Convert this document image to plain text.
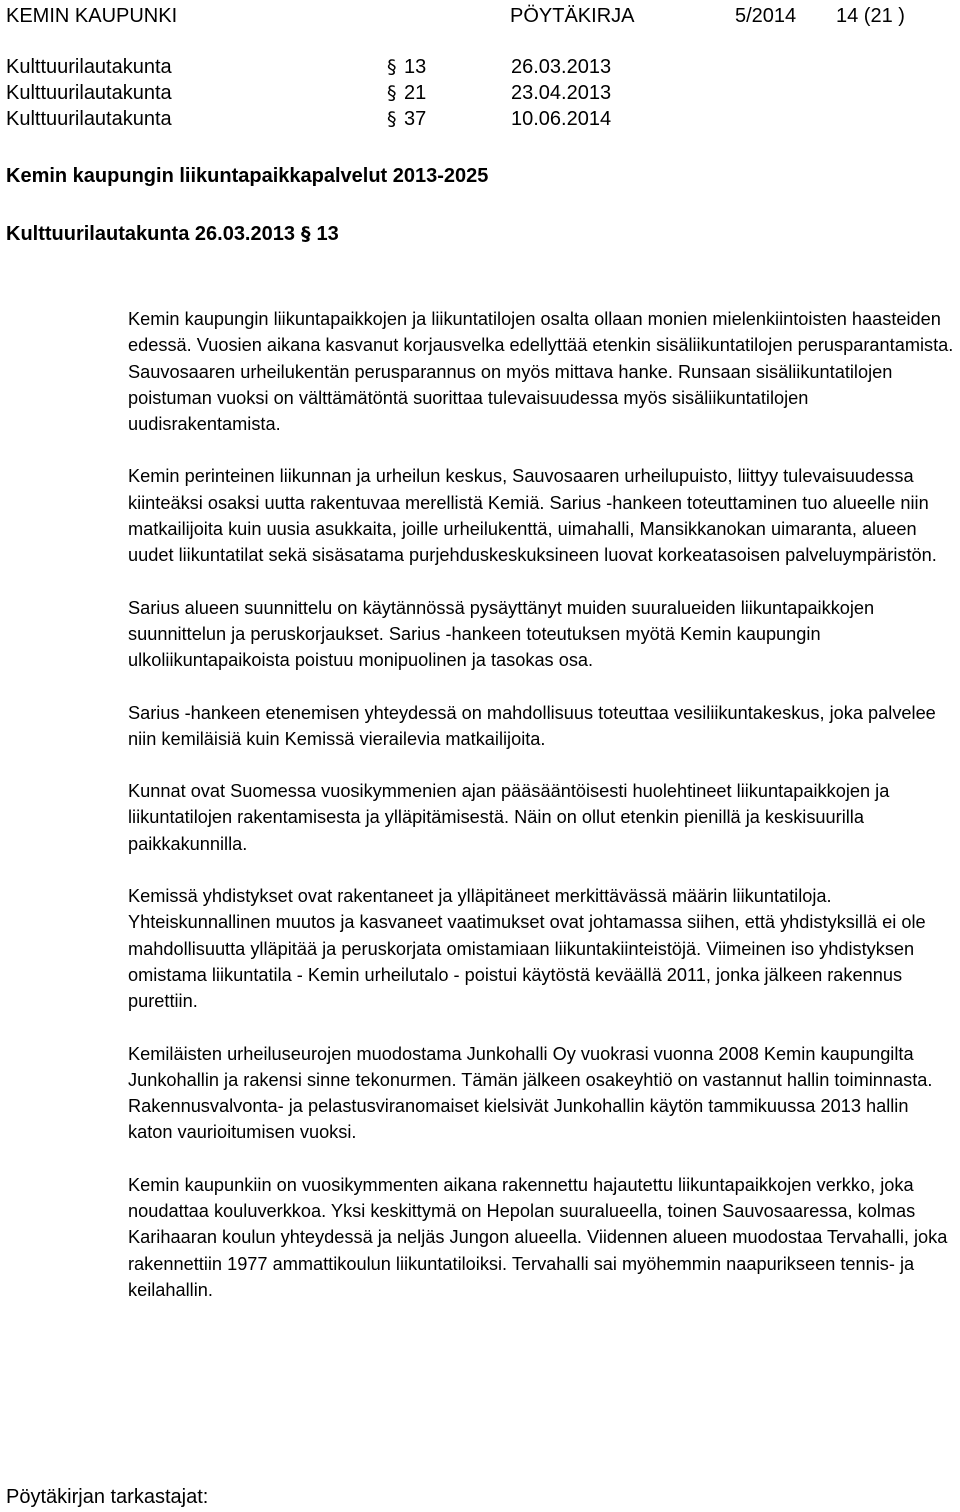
KEMIN KAUPUNKI	PÖYTÄKIRJA	5/2014 14 (21 )
Kulttuurilautakunta	§ 13	26.03.2013
Kulttuurilautakunta	§ 21	23.04.2013
Kulttuurilautakunta	§ 37	10.06.2014
Kemin kaupungin liikuntapaikkapalvelut 2013-2025
Kulttuurilautakunta 26.03.2013 § 13

Kemin kaupungin liikuntapaikkojen ja liikuntatilojen osalta ollaan monien mielenkiintoisten haasteiden edessä. Vuosien aikana kasvanut korjausvelka edellyttää etenkin sisäliikuntatilojen perusparantamista. Sauvosaaren urheilukentän perusparannus on myös mittava hanke. Runsaan sisäliikuntatilojen poistuman vuoksi on välttämätöntä suorittaa tulevaisuudessa myös sisäliikuntatilojen uudisrakentamista.

Kemin perinteinen liikunnan ja urheilun keskus, Sauvosaaren urheilupuisto, liittyy tulevaisuudessa kiinteäksi osaksi uutta rakentuvaa merellistä Kemiä. Sarius -hankeen toteuttaminen tuo alueelle niin matkailijoita kuin uusia asukkaita, joille urheilukenttä, uimahalli, Mansikkanokan uimaranta, alueen uudet liikuntatilat sekä sisäsatama purjehduskeskuksineen luovat korkeatasoisen palveluympäristön.

Sarius alueen suunnittelu on käytännössä pysäyttänyt muiden suuralueiden liikuntapaikkojen suunnittelun ja peruskorjaukset. Sarius -hankeen toteutuksen myötä Kemin kaupungin ulkoliikuntapaikoista poistuu monipuolinen ja tasokas osa.

Sarius -hankeen etenemisen yhteydessä on mahdollisuus toteuttaa vesiliikuntakeskus, joka palvelee niin kemiläisiä kuin Kemissä vierailevia matkailijoita.

Kunnat ovat Suomessa vuosikymmenien ajan pääsääntöisesti huolehtineet liikuntapaikkojen ja liikuntatilojen rakentamisesta ja ylläpitämisestä. Näin on ollut etenkin pienillä ja keskisuurilla paikkakunnilla.

Kemissä yhdistykset ovat rakentaneet ja ylläpitäneet merkittävässä määrin liikuntatiloja. Yhteiskunnallinen muutos ja kasvaneet vaatimukset ovat johtamassa siihen, että yhdistyksillä ei ole mahdollisuutta ylläpitää ja peruskorjata omistamiaan liikuntakiinteistöjä. Viimeinen iso yhdistyksen omistama liikuntatila - Kemin urheilutalo - poistui käytöstä keväällä 2011, jonka jälkeen rakennus purettiin.

Kemiläisten urheiluseurojen muodostama Junkohalli Oy vuokrasi vuonna 2008 Kemin kaupungilta Junkohallin ja rakensi sinne tekonurmen. Tämän jälkeen osakeyhtiö on vastannut hallin toiminnasta. Rakennusvalvonta- ja pelastusviranomaiset kielsivät Junkohallin käytön tammikuussa 2013 hallin katon vaurioitumisen vuoksi.

Kemin kaupunkiin on vuosikymmenten aikana rakennettu hajautettu liikuntapaikkojen verkko, joka noudattaa kouluverkkoa. Yksi keskittymä on Hepolan suuralueella, toinen Sauvosaaressa, kolmas Karihaaran koulun yhteydessä ja neljäs Jungon alueella. Viidennen alueen muodostaa Tervahalli, joka rakennettiin 1977 ammattikoulun liikuntatiloiksi. Tervahalli sai myöhemmin naapurikseen tennis- ja keilahallin.

Pöytäkirjan tarkastajat:
